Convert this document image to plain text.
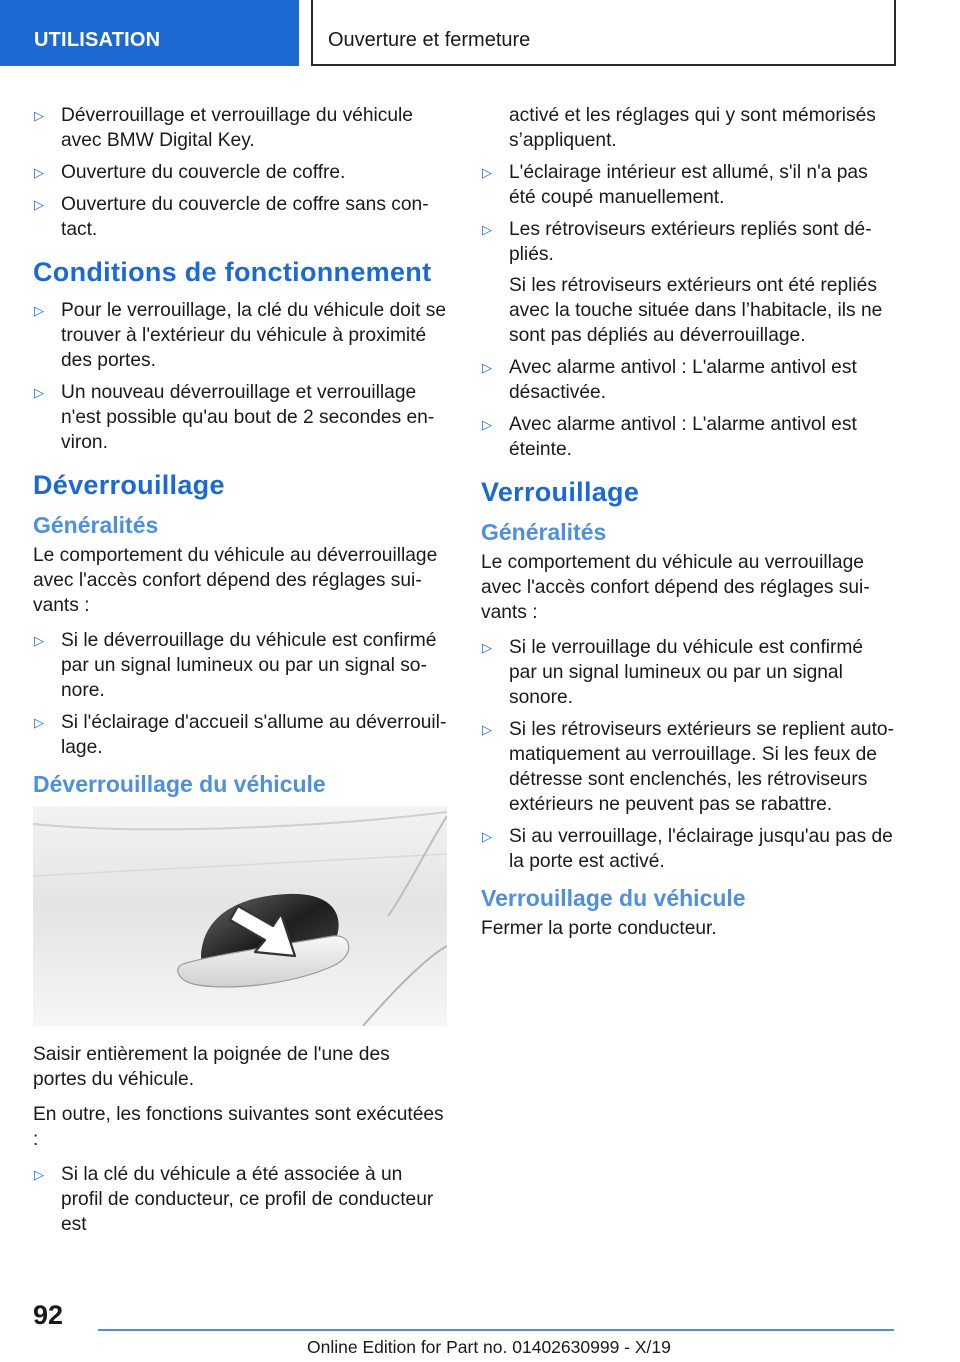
UTILISATION	Ouverture et fermeture
▷ Déverrouillage et verrouillage du véhicule avec BMW Digital Key.
▷ Ouverture du couvercle de coffre.
▷ Ouverture du couvercle de coffre sans contact.
Conditions de fonctionnement
▷ Pour le verrouillage, la clé du véhicule doit se trouver à l'extérieur du véhicule à proximité des portes.
▷ Un nouveau déverrouillage et verrouillage n'est possible qu'au bout de 2 secondes environ.
Déverrouillage
Généralités

Le comportement du véhicule au déverrouillage avec l'accès confort dépend des réglages suivants :

▷ Si le déverrouillage du véhicule est confirmé par un signal lumineux ou par un signal sonore.
▷ Si l'éclairage d'accueil s'allume au déverrouillage.
Déverrouillage du véhicule

Saisir entièrement la poignée de l'une des portes du véhicule.

En outre, les fonctions suivantes sont exécutées :

▷ Si la clé du véhicule a été associée à un profil de conducteur, ce profil de conducteur est

activé et les réglages qui y sont mémorisés s’appliquent.

▷ L'éclairage intérieur est allumé, s'il n'a pas été coupé manuellement.
▷ Les rétroviseurs extérieurs repliés sont dépliés.
Si les rétroviseurs extérieurs ont été repliés avec la touche située dans l’habitacle, ils ne sont pas dépliés au déverrouillage.
▷ Avec alarme antivol : L'alarme antivol est désactivée.
▷ Avec alarme antivol : L'alarme antivol est éteinte.
Verrouillage
Généralités

Le comportement du véhicule au verrouillage avec l'accès confort dépend des réglages suivants :

▷ Si le verrouillage du véhicule est confirmé par un signal lumineux ou par un signal sonore.
▷ Si les rétroviseurs extérieurs se replient automatiquement au verrouillage. Si les feux de détresse sont enclenchés, les rétroviseurs extérieurs ne peuvent pas se rabattre.
▷ Si au verrouillage, l'éclairage jusqu'au pas de la porte est activé.
Verrouillage du véhicule

Fermer la porte conducteur.

92
Online Edition for Part no. 01402630999 - X/19
